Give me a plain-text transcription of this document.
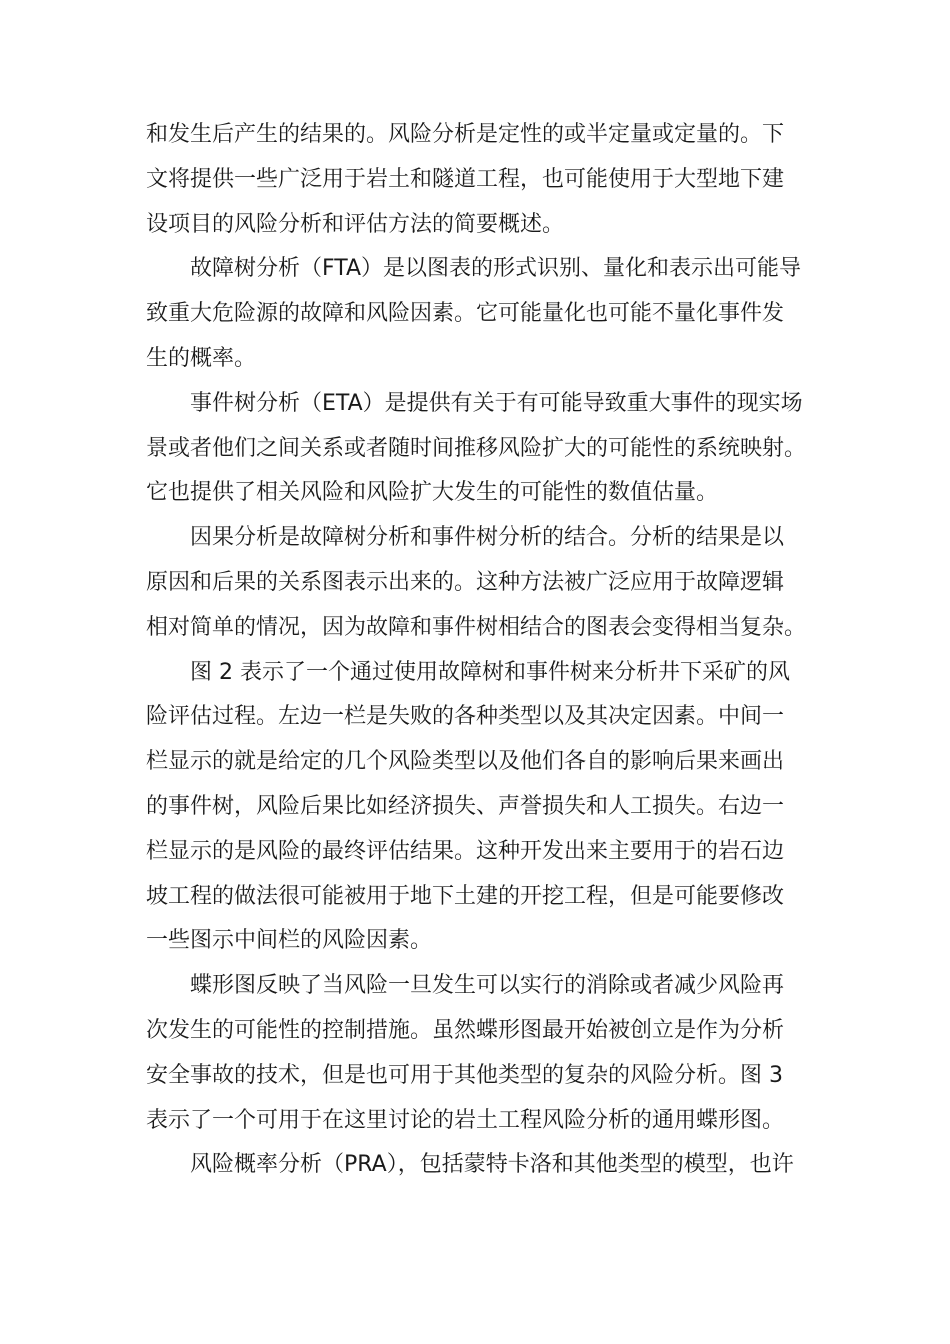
和发生后产生的结果的。风险分析是定性的或半定量或定量的。下
文将提供一些广泛用于岩土和隧道工程，也可能使用于大型地下建
设项目的风险分析和评估方法的简要概述。
故障树分析（FTA）是以图表的形式识别、量化和表示出可能导
致重大危险源的故障和风险因素。它可能量化也可能不量化事件发
生的概率。
事件树分析（ETA）是提供有关于有可能导致重大事件的现实场
景或者他们之间关系或者随时间推移风险扩大的可能性的系统映射。
它也提供了相关风险和风险扩大发生的可能性的数值估量。
因果分析是故障树分析和事件树分析的结合。分析的结果是以
原因和后果的关系图表示出来的。这种方法被广泛应用于故障逻辑
相对简单的情况，因为故障和事件树相结合的图表会变得相当复杂。
图 2 表示了一个通过使用故障树和事件树来分析井下采矿的风
险评估过程。左边一栏是失败的各种类型以及其决定因素。中间一
栏显示的就是给定的几个风险类型以及他们各自的影响后果来画出
的事件树，风险后果比如经济损失、声誉损失和人工损失。右边一
栏显示的是风险的最终评估结果。这种开发出来主要用于的岩石边
坡工程的做法很可能被用于地下土建的开挖工程，但是可能要修改
一些图示中间栏的风险因素。
蝶形图反映了当风险一旦发生可以实行的消除或者减少风险再
次发生的可能性的控制措施。虽然蝶形图最开始被创立是作为分析
安全事故的技术，但是也可用于其他类型的复杂的风险分析。图 3
表示了一个可用于在这里讨论的岩土工程风险分析的通用蝶形图。
风险概率分析（PRA），包括蒙特卡洛和其他类型的模型，也许
